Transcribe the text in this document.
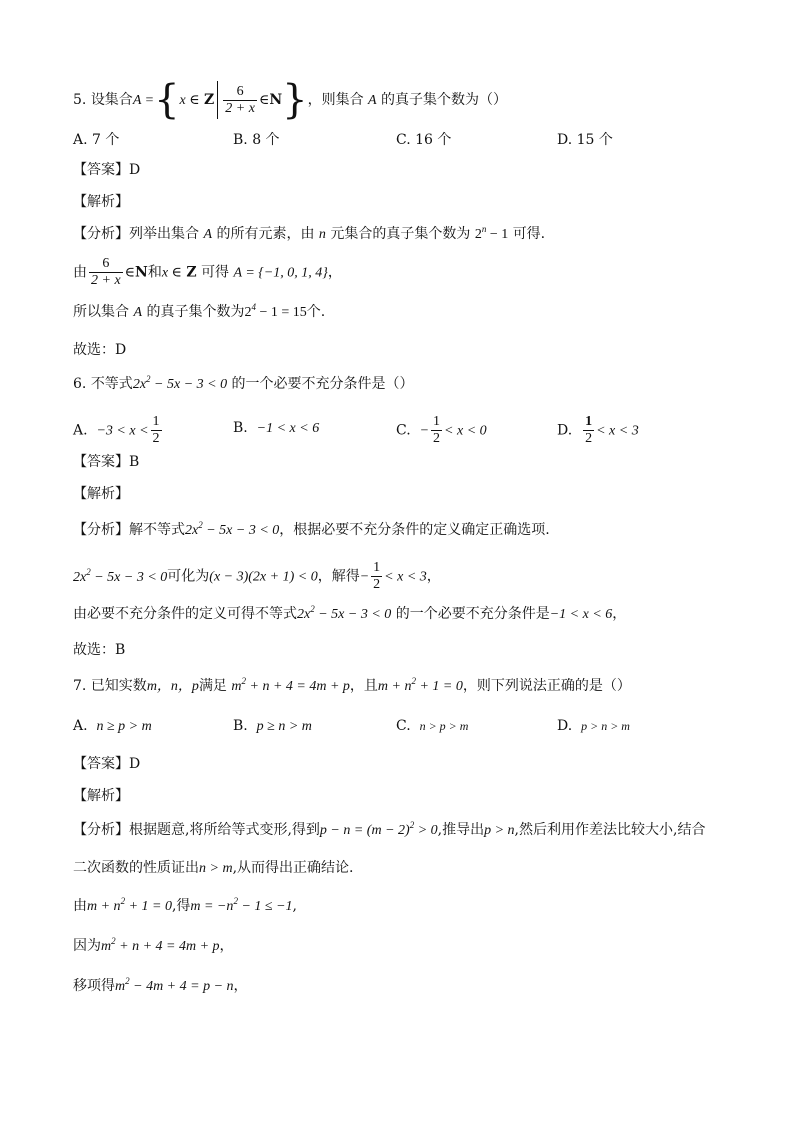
5. 设集合A ={x ∈ Z $\frac{6}{2 + x}$ ∈N}，则集合 A 的真子集个数为（）
A. 7 个	B. 8 个	C. 16 个	D. 15 个
【答案】D
【解析】
【分析】列举出集合 A 的所有元素，由 n 元集合的真子集个数为 $2^n - 1$ 可得.
由 $\frac{6}{2 + x}$ ∈N和x ∈ Z 可得 A = {−1, 0, 1, 4}，
所以集合 A 的真子集个数为$2^4 - 1 = 15$个.
故选：D
6. 不等式$2x^2 - 5x - 3 < 0$ 的一个必要不充分条件是（）
A. $-3 < x < \frac{1}{2}$	B. −1 < x < 6	C. − $\frac{1}{2} < x < 0$	D. $\frac{1}{2} < x < 3$
【答案】B
【解析】
【分析】解不等式$2x^2 - 5x - 3 < 0$，根据必要不充分条件的定义确定正确选项.
$2x^2 - 5x - 3 < 0$可化为(x − 3)(2x + 1) < 0，解得− $\frac{1}{2} < x < 3$，
由必要不充分条件的定义可得不等式$2x^2 - 5x - 3 < 0$ 的一个必要不充分条件是−1 < x < 6，
故选：B
7. 已知实数m，n，p满足 $m^2 + n + 4 = 4m + p$，且$m + n^2 + 1 = 0$，则下列说法正确的是（）
A. n ≥ p > m	B. p ≥ n > m	C. n > p > m	D. p > n > m
【答案】D
【解析】
【分析】根据题意,将所给等式变形,得到$p - n = (m - 2)^2 > 0$,推导出p > n,然后利用作差法比较大小,结合
二次函数的性质证出n > m,从而得出正确结论.
由$m + n^2 + 1 = 0$,得$m = -n^2 - 1 \le -1$,
因为$m^2 + n + 4 = 4m + p$，
移项得$m^2 - 4m + 4 = p - n$，
